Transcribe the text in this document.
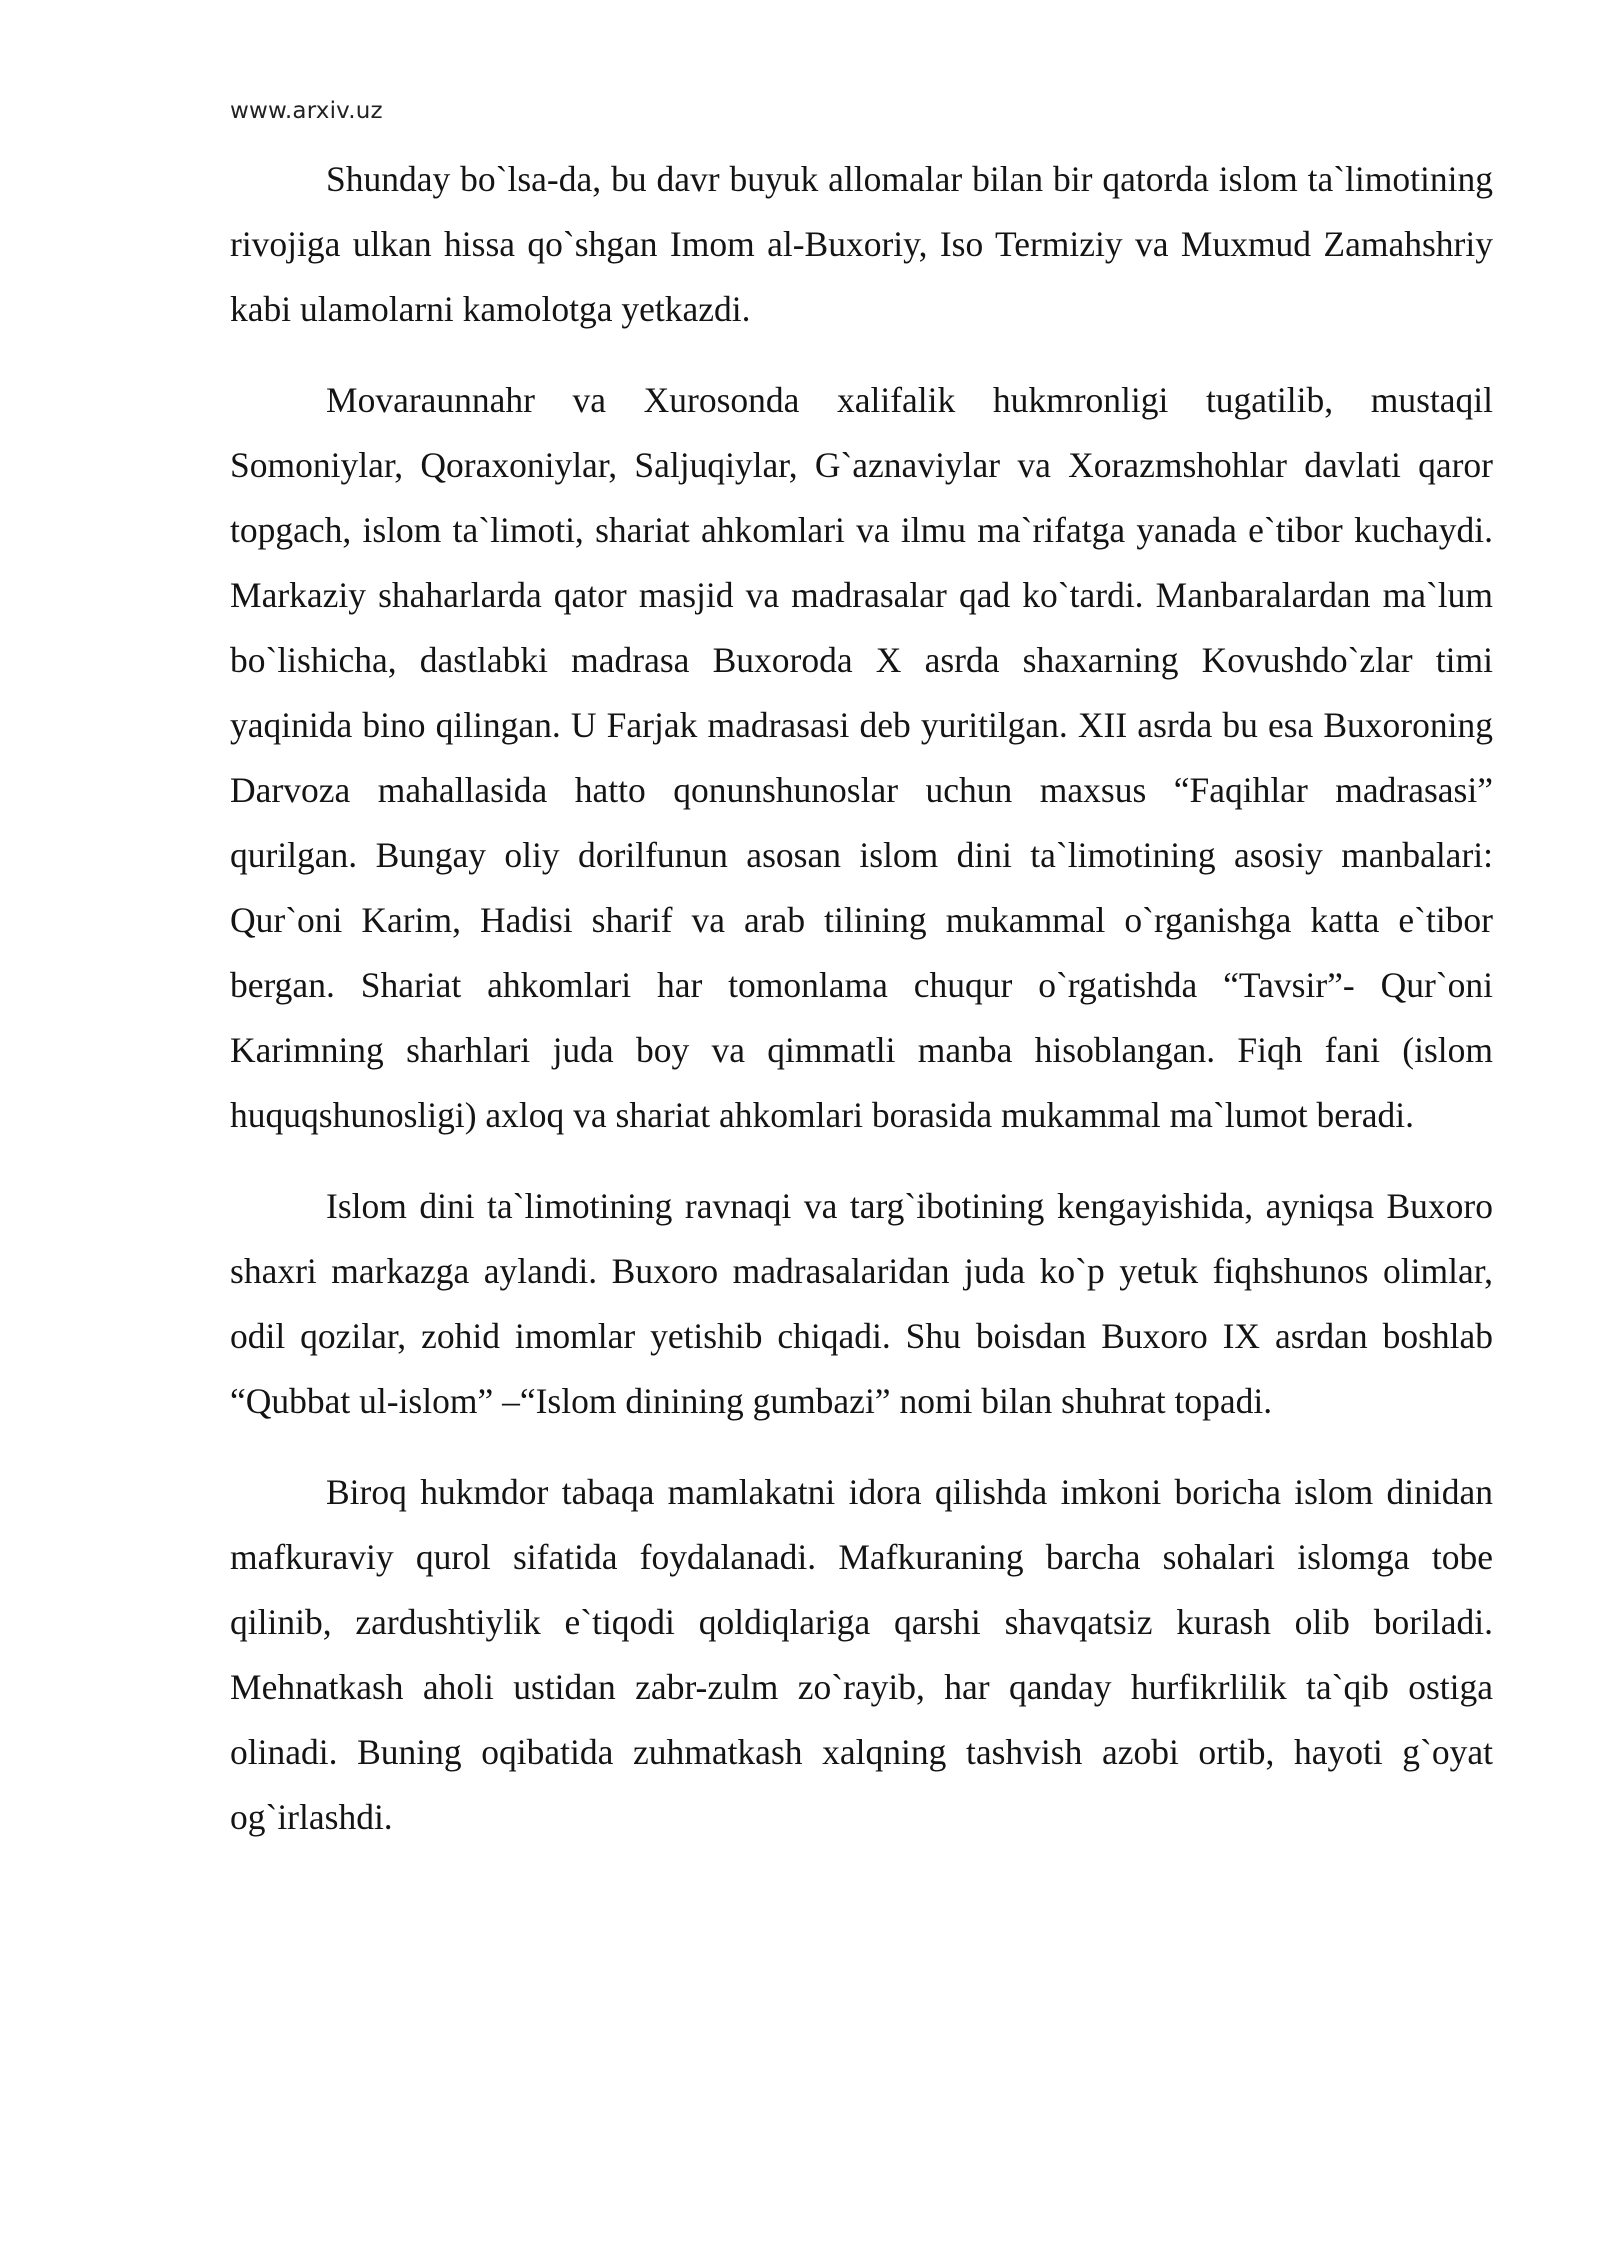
www.arxiv.uz

Shunday bo`lsa-da, bu davr buyuk allomalar bilan bir qatorda islom ta`limotining rivojiga ulkan hissa qo`shgan Imom al-Buxoriy, Iso Termiziy va Muxmud Zamahshriy kabi ulamolarni kamolotga yetkazdi.

Movaraunnahr va Xurosonda xalifalik hukmronligi tugatilib, mustaqil Somoniylar, Qoraxoniylar, Saljuqiylar, G`aznaviylar va Xorazmshohlar davlati qaror topgach, islom ta`limoti, shariat ahkomlari va ilmu ma`rifatga yanada e`tibor kuchaydi. Markaziy shaharlarda qator masjid va madrasalar qad ko`tardi. Manbaralardan ma`lum bo`lishicha, dastlabki madrasa Buxoroda X asrda shaxarning Kovushdo`zlar timi yaqinida bino qilingan. U Farjak madrasasi deb yuritilgan. XII asrda bu esa Buxoroning Darvoza mahallasida hatto qonunshunoslar uchun maxsus “Faqihlar madrasasi” qurilgan. Bungay oliy dorilfunun asosan islom dini ta`limotining asosiy manbalari: Qur`oni Karim, Hadisi sharif va arab tilining mukammal o`rganishga katta e`tibor bergan. Shariat ahkomlari har tomonlama chuqur o`rgatishda “Tavsir”- Qur`oni Karimning sharhlari juda boy va qimmatli manba hisoblangan. Fiqh fani (islom huquqshunosligi) axloq va shariat ahkomlari borasida mukammal ma`lumot beradi.

Islom dini ta`limotining ravnaqi va targ`ibotining kengayishida, ayniqsa Buxoro shaxri markazga aylandi. Buxoro madrasalaridan juda ko`p yetuk fiqhshunos olimlar, odil qozilar, zohid imomlar yetishib chiqadi. Shu boisdan Buxoro IX asrdan boshlab “Qubbat ul-islom” –“Islom dinining gumbazi” nomi bilan shuhrat topadi.

Biroq hukmdor tabaqa mamlakatni idora qilishda imkoni boricha islom dinidan mafkuraviy qurol sifatida foydalanadi. Mafkuraning barcha sohalari islomga tobe qilinib, zardushtiylik e`tiqodi qoldiqlariga qarshi shavqatsiz kurash olib boriladi. Mehnatkash aholi ustidan zabr-zulm zo`rayib, har qanday hurfikrlilik ta`qib ostiga olinadi. Buning oqibatida zuhmatkash xalqning tashvish azobi ortib, hayoti g`oyat og`irlashdi.
